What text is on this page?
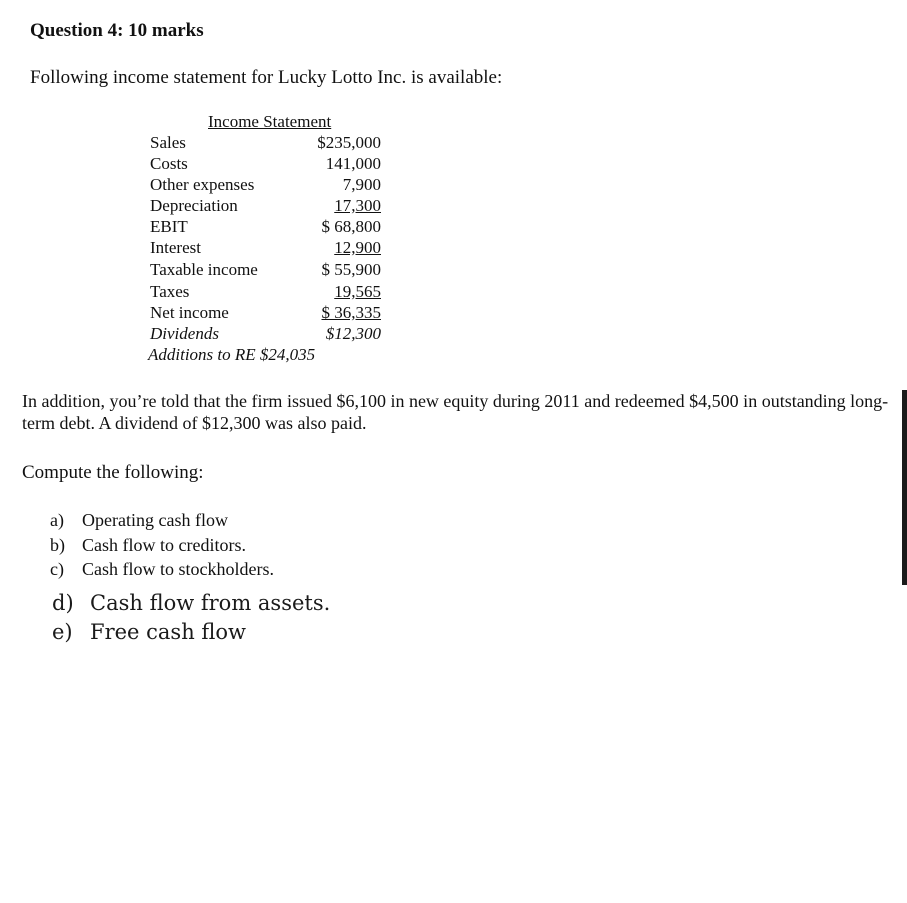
Question 4: 10 marks
Following income statement for Lucky Lotto Inc. is available:
Income Statement
Sales	$235,000
Costs	141,000
Other expenses	7,900
Depreciation	17,300
EBIT	$ 68,800
Interest	12,900
Taxable income	$ 55,900
Taxes	19,565
Net income	$ 36,335
Dividends	$12,300
Additions to RE $24,035
In addition, you’re told that the firm issued $6,100 in new equity during 2011 and redeemed $4,500 in outstanding long-term debt. A dividend of $12,300 was also paid.
Compute the following:
a) Operating cash flow
b) Cash flow to creditors.
c) Cash flow to stockholders.
d) Cash flow from assets.
e) Free cash flow
